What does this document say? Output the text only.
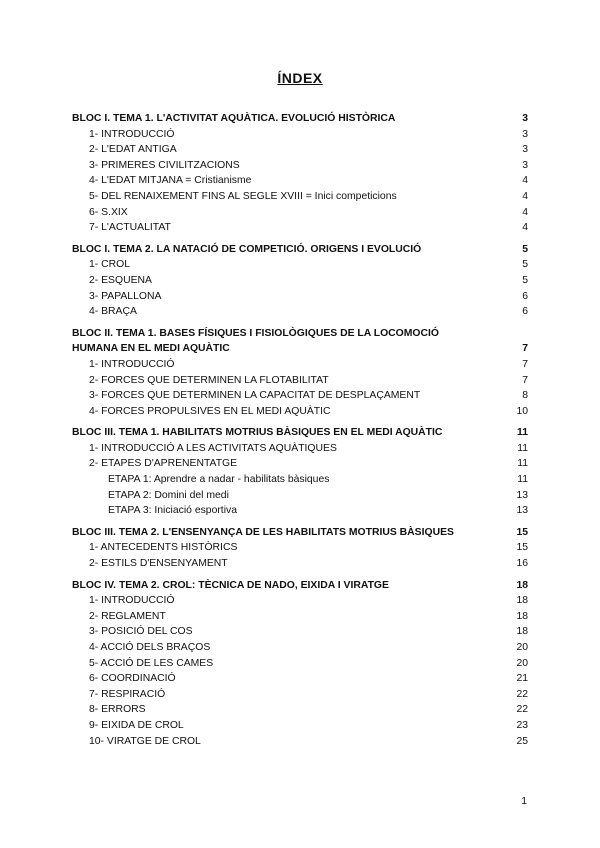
ÍNDEX
BLOC I. TEMA 1. L'ACTIVITAT AQUÀTICA. EVOLUCIÓ HISTÒRICA	3
1- INTRODUCCIÓ	3
2- L'EDAT ANTIGA	3
3- PRIMERES CIVILITZACIONS	3
4- L'EDAT MITJANA = Cristianisme	4
5- DEL RENAIXEMENT FINS AL SEGLE XVIII = Inici competicions	4
6- S.XIX	4
7- L'ACTUALITAT	4
BLOC I. TEMA 2. LA NATACIÓ DE COMPETICIÓ. ORIGENS I EVOLUCIÓ	5
1- CROL	5
2- ESQUENA	5
3- PAPALLONA	6
4- BRAÇA	6
BLOC II. TEMA 1. BASES FÍSIQUES I FISIOLÒGIQUES DE LA LOCOMOCIÓ HUMANA EN EL MEDI AQUÀTIC	7
1- INTRODUCCIÓ	7
2- FORCES QUE DETERMINEN LA FLOTABILITAT	7
3- FORCES QUE DETERMINEN LA CAPACITAT DE DESPLAÇAMENT	8
4- FORCES PROPULSIVES EN EL MEDI AQUÀTIC	10
BLOC III. TEMA 1. HABILITATS MOTRIUS BÀSIQUES EN EL MEDI AQUÀTIC	11
1- INTRODUCCIÓ A LES ACTIVITATS AQUÀTIQUES	11
2- ETAPES D'APRENENTATGE	11
ETAPA 1: Aprendre a nadar - habilitats bàsiques	11
ETAPA 2: Domini del medi	13
ETAPA 3: Iniciació esportiva	13
BLOC III. TEMA 2. L'ENSENYANÇA DE LES HABILITATS MOTRIUS BÀSIQUES	15
1- ANTECEDENTS HISTÒRICS	15
2- ESTILS D'ENSENYAMENT	16
BLOC IV. TEMA 2. CROL: TÈCNICA DE NADO, EIXIDA I VIRATGE	18
1- INTRODUCCIÓ	18
2- REGLAMENT	18
3- POSICIÓ DEL COS	18
4- ACCIÓ DELS BRAÇOS	20
5- ACCIÓ DE LES CAMES	20
6- COORDINACIÓ	21
7- RESPIRACIÓ	22
8- ERRORS	22
9- EIXIDA DE CROL	23
10- VIRATGE DE CROL	25
1
